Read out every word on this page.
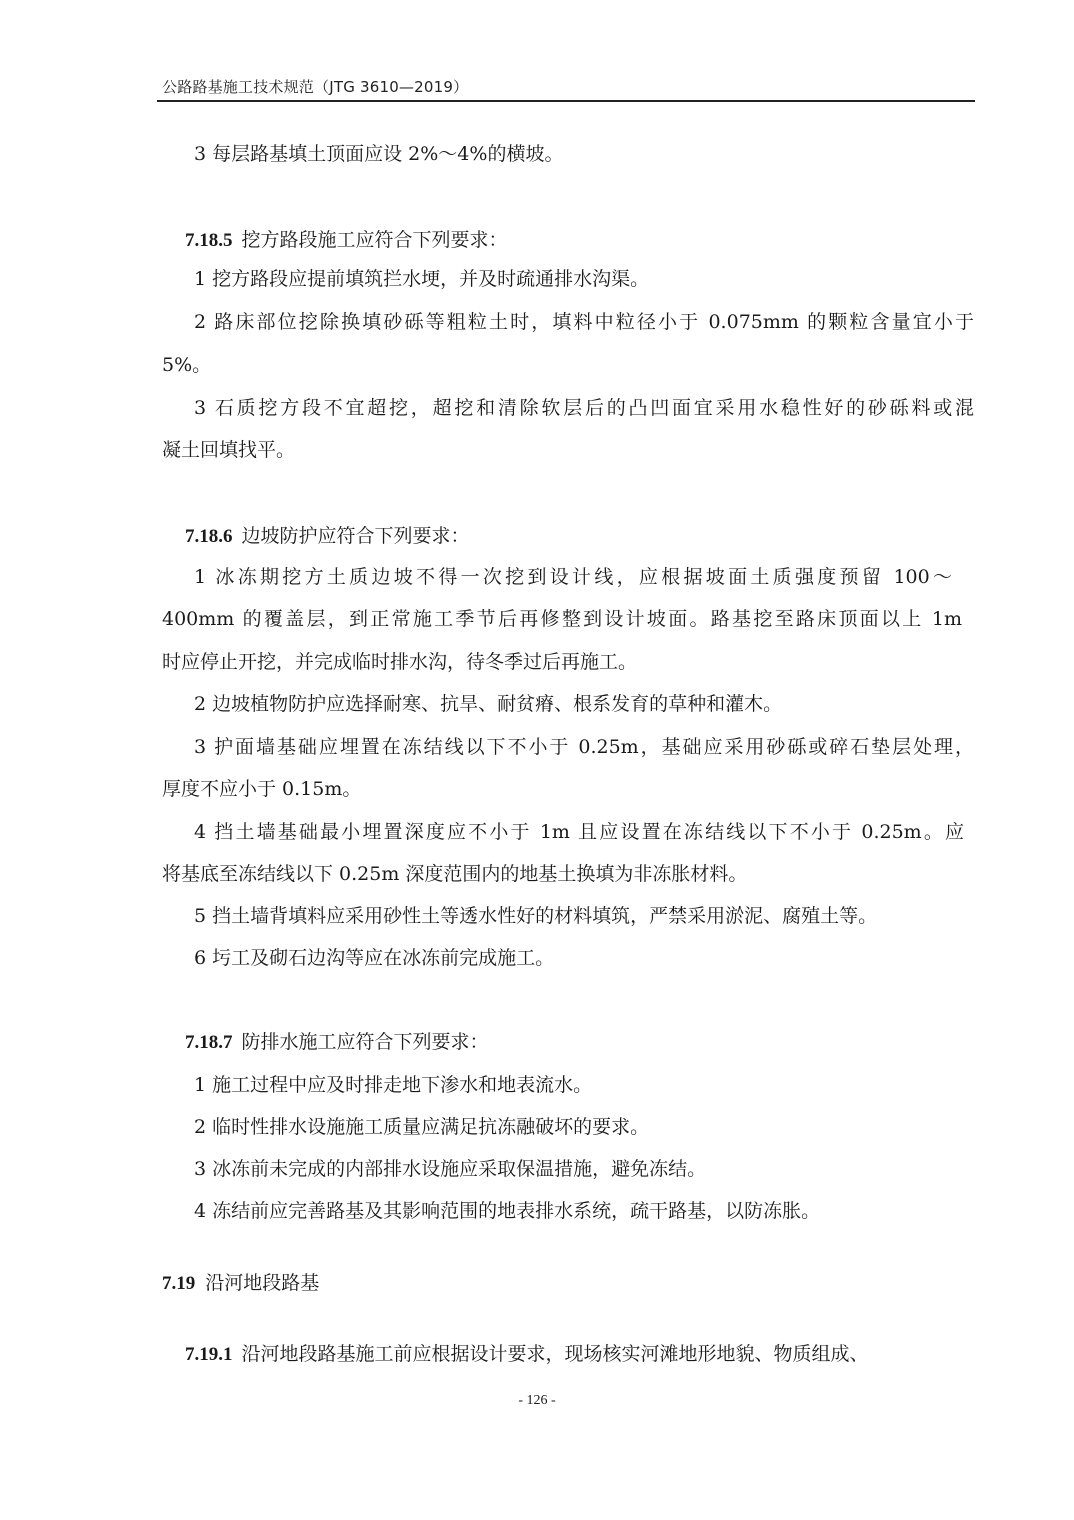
公路路基施工技术规范（JTG 3610—2019）
3 每层路基填土顶面应设 2%～4%的横坡。
7.18.5 挖方路段施工应符合下列要求：
1 挖方路段应提前填筑拦水埂，并及时疏通排水沟渠。
2 路床部位挖除换填砂砾等粗粒土时，填料中粒径小于 0.075mm 的颗粒含量宜小于
5%。
3 石质挖方段不宜超挖，超挖和清除软层后的凸凹面宜采用水稳性好的砂砾料或混
凝土回填找平。
7.18.6 边坡防护应符合下列要求：
1 冰冻期挖方土质边坡不得一次挖到设计线，应根据坡面土质强度预留 100～
400mm 的覆盖层，到正常施工季节后再修整到设计坡面。路基挖至路床顶面以上 1m
时应停止开挖，并完成临时排水沟，待冬季过后再施工。
2 边坡植物防护应选择耐寒、抗旱、耐贫瘠、根系发育的草种和灌木。
3 护面墙基础应埋置在冻结线以下不小于 0.25m，基础应采用砂砾或碎石垫层处理，
厚度不应小于 0.15m。
4 挡土墙基础最小埋置深度应不小于 1m 且应设置在冻结线以下不小于 0.25m。应
将基底至冻结线以下 0.25m 深度范围内的地基土换填为非冻胀材料。
5 挡土墙背填料应采用砂性土等透水性好的材料填筑，严禁采用淤泥、腐殖土等。
6 圬工及砌石边沟等应在冰冻前完成施工。
7.18.7 防排水施工应符合下列要求：
1 施工过程中应及时排走地下渗水和地表流水。
2 临时性排水设施施工质量应满足抗冻融破坏的要求。
3 冰冻前未完成的内部排水设施应采取保温措施，避免冻结。
4 冻结前应完善路基及其影响范围的地表排水系统，疏干路基，以防冻胀。
7.19 沿河地段路基
7.19.1 沿河地段路基施工前应根据设计要求，现场核实河滩地形地貌、物质组成、
- 126 -
